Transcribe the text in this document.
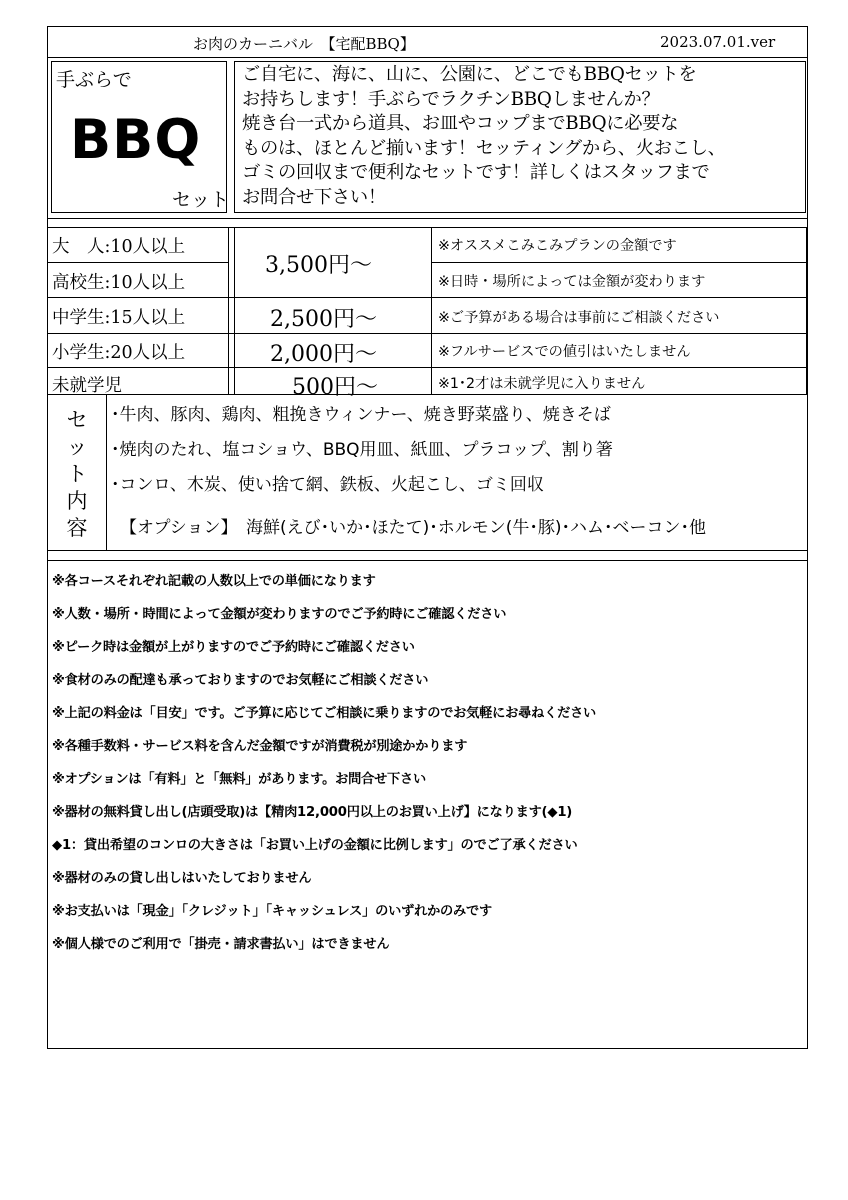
お肉のカーニバル　【宅配BBQ】	2023.07.01.ver
手ぶらで
BBQ
セット
ご自宅に、海に、山に、公園に、どこでもBBQセットを
お持ちします！手ぶらでラクチンBBQしませんか？
焼き台一式から道具、お皿やコップまでBBQに必要な
ものは、ほとんど揃います！セッティングから、火おこし、
ゴミの回収まで便利なセットです！詳しくはスタッフまで
お問合せ下さい！
大　人:10人以上
高校生:10人以上
中学生:15人以上
小学生:20人以上
未就学児
3,500円～
2,500円～
2,000円～
500円～
※オススメこみこみプランの金額です
※日時・場所によっては金額が変わります
※ご予算がある場合は事前にご相談ください
※フルサービスでの値引はいたしません
※1･2才は未就学児に入りません
セ
ッ
ト
内
容
･牛肉、豚肉、鶏肉、粗挽きウィンナー、焼き野菜盛り、焼きそば
･焼肉のたれ、塩コショウ、BBQ用皿、紙皿、プラコップ、割り箸
･コンロ、木炭、使い捨て網、鉄板、火起こし、ゴミ回収
【オプション】 海鮮(えび･いか･ほたて)･ホルモン(牛･豚)･ハム･ベーコン･他
※各コースそれぞれ記載の人数以上での単価になります
※人数・場所・時間によって金額が変わりますのでご予約時にご確認ください
※ピーク時は金額が上がりますのでご予約時にご確認ください
※食材のみの配達も承っておりますのでお気軽にご相談ください
※上記の料金は「目安」です。ご予算に応じてご相談に乗りますのでお気軽にお尋ねください
※各種手数料・サービス料を含んだ金額ですが消費税が別途かかります
※オプションは「有料」と「無料」があります。お問合せ下さい
※器材の無料貸し出し(店頭受取)は【精肉12,000円以上のお買い上げ】になります(◆1)
◆1：貸出希望のコンロの大きさは「お買い上げの金額に比例します」のでご了承ください
※器材のみの貸し出しはいたしておりません
※お支払いは「現金」「クレジット」「キャッシュレス」のいずれかのみです
※個人様でのご利用で「掛売・請求書払い」はできません
